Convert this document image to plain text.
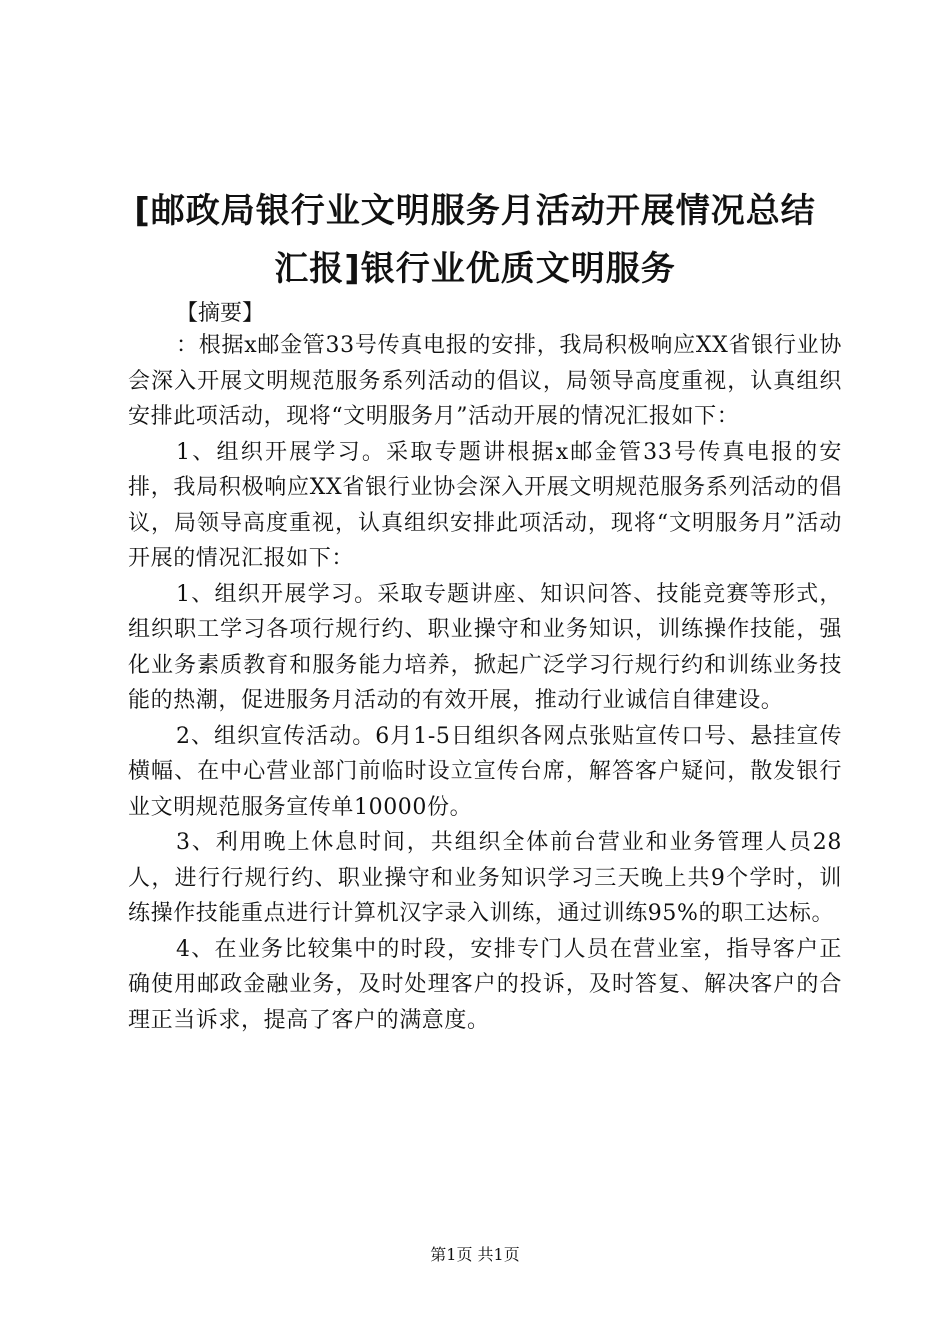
[邮政局银行业文明服务月活动开展情况总结
汇报]银行业优质文明服务

【摘要】

：根据x邮金管33号传真电报的安排，我局积极响应XX省银行业协会深入开展文明规范服务系列活动的倡议，局领导高度重视，认真组织安排此项活动，现将“文明服务月”活动开展的情况汇报如下：

1、组织开展学习。采取专题讲根据x邮金管33号传真电报的安排，我局积极响应XX省银行业协会深入开展文明规范服务系列活动的倡议，局领导高度重视，认真组织安排此项活动，现将“文明服务月”活动开展的情况汇报如下：

1、组织开展学习。采取专题讲座、知识问答、技能竞赛等形式，组织职工学习各项行规行约、职业操守和业务知识，训练操作技能，强化业务素质教育和服务能力培养，掀起广泛学习行规行约和训练业务技能的热潮，促进服务月活动的有效开展，推动行业诚信自律建设。

2、组织宣传活动。6月1-5日组织各网点张贴宣传口号、悬挂宣传横幅、在中心营业部门前临时设立宣传台席，解答客户疑问，散发银行业文明规范服务宣传单10000份。

3、利用晚上休息时间，共组织全体前台营业和业务管理人员28人，进行行规行约、职业操守和业务知识学习三天晚上共9个学时，训练操作技能重点进行计算机汉字录入训练，通过训练95%的职工达标。

4、在业务比较集中的时段，安排专门人员在营业室，指导客户正确使用邮政金融业务，及时处理客户的投诉，及时答复、解决客户的合理正当诉求，提高了客户的满意度。

第1页 共1页
